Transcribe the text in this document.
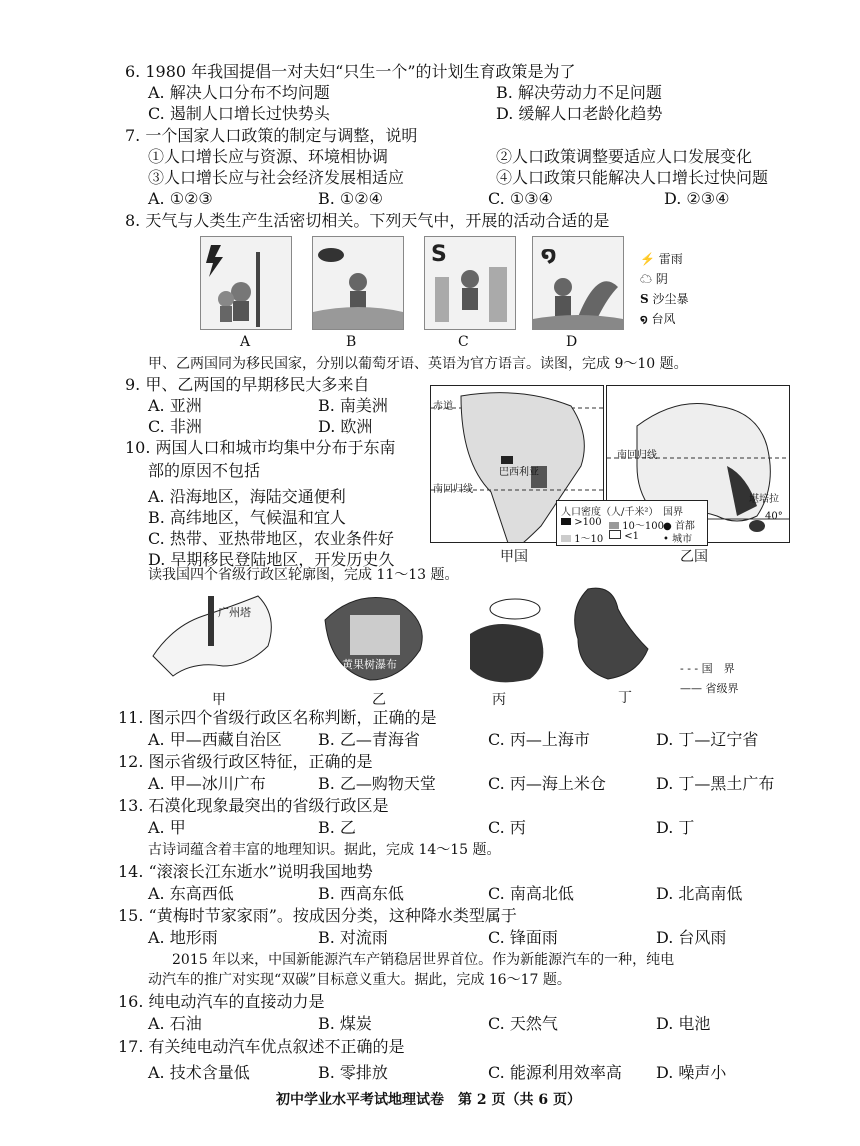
6. 1980 年我国提倡一对夫妇“只生一个”的计划生育政策是为了
A. 解决人口分布不均问题	B. 解决劳动力不足问题
C. 遏制人口增长过快势头	D. 缓解人口老龄化趋势
7. 一个国家人口政策的制定与调整，说明
①人口增长应与资源、环境相协调	②人口政策调整要适应人口发展变化
③人口增长应与社会经济发展相适应	④人口政策只能解决人口增长过快问题
A. ①②③	B. ①②④	C. ①③④	D. ②③④
8. 天气与人类生产生活密切相关。下列天气中，开展的活动合适的是
S	໑
A	B	C	D
⚡ 雷雨
☁ 阴
S 沙尘暴
໑ 台风
甲、乙两国同为移民国家，分别以葡萄牙语、英语为官方语言。读图，完成 9～10 题。
9. 甲、乙两国的早期移民大多来自
A. 亚洲	B. 南美洲
C. 非洲	D. 欧洲
10. 两国人口和城市均集中分布于东南
部的原因不包括
A. 沿海地区，海陆交通便利
B. 高纬地区，气候温和宜人
C. 热带、亚热带地区，农业条件好
D. 早期移民登陆地区，开发历史久
赤道
巴西利亚
南回归线
南回归线
堪培拉
40°
人口密度（人/千米²）
>100	10～100
1～10	<1
国界
● 首都
• 城市
甲国	乙国
读我国四个省级行政区轮廓图，完成 11～13 题。
广州塔
黄果树瀑布	- - - 国　界
—— 省级界
甲	乙	丙	丁
11. 图示四个省级行政区名称判断，正确的是
A. 甲—西藏自治区 B. 乙—青海省	C. 丙—上海市	D. 丁—辽宁省
12. 图示省级行政区特征，正确的是
A. 甲—冰川广布	B. 乙—购物天堂	C. 丙—海上米仓	D. 丁—黑土广布
13. 石漠化现象最突出的省级行政区是
A. 甲	B. 乙	C. 丙	D. 丁
古诗词蕴含着丰富的地理知识。据此，完成 14～15 题。
14. “滚滚长江东逝水”说明我国地势
A. 东高西低	B. 西高东低	C. 南高北低	D. 北高南低
15. “黄梅时节家家雨”。按成因分类，这种降水类型属于
A. 地形雨	B. 对流雨	C. 锋面雨	D. 台风雨
2015 年以来，中国新能源汽车产销稳居世界首位。作为新能源汽车的一种，纯电
动汽车的推广对实现“双碳”目标意义重大。据此，完成 16～17 题。
16. 纯电动汽车的直接动力是
A. 石油	B. 煤炭	C. 天然气	D. 电池
17. 有关纯电动汽车优点叙述不正确的是
A. 技术含量低	B. 零排放	C. 能源利用效率高 D. 噪声小
初中学业水平考试地理试卷　第 2 页（共 6 页）
